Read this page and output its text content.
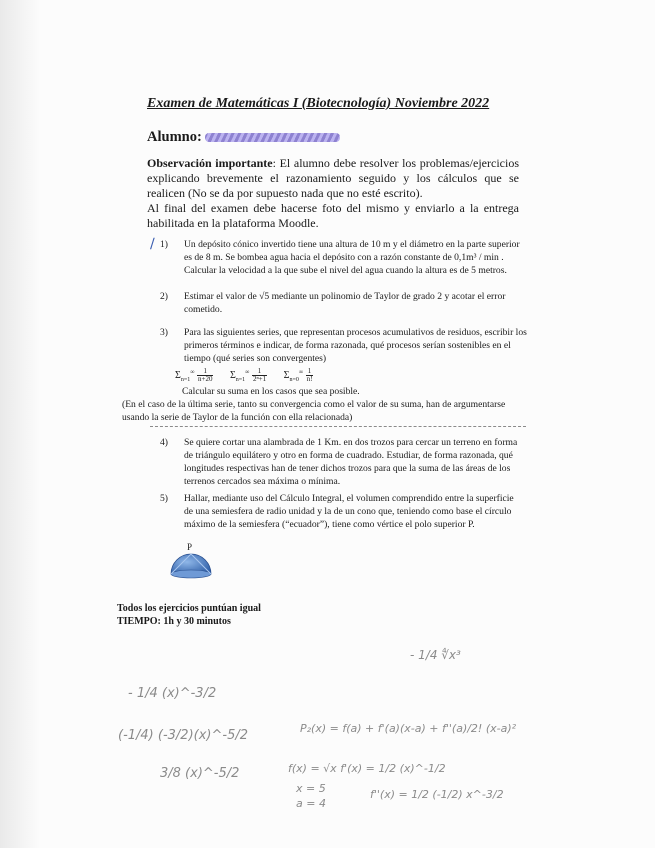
Examen de Matemáticas I (Biotecnología) Noviembre 2022
Alumno:
Observación importante: El alumno debe resolver los problemas/ejercicios explicando brevemente el razonamiento seguido y los cálculos que se realicen (No se da por supuesto nada que no esté escrito).
Al final del examen debe hacerse foto del mismo y enviarlo a la entrega habilitada en la plataforma Moodle.
∕ 1)	Un depósito cónico invertido tiene una altura de 10 m y el diámetro en la parte superior es de 8 m. Se bombea agua hacia el depósito con a razón constante de 0,1m³ / min . Calcular la velocidad a la que sube el nivel del agua cuando la altura es de 5 metros.
2)	Estimar el valor de √5 mediante un polinomio de Taylor de grado 2 y acotar el error cometido.
3)	Para las siguientes series, que representan procesos acumulativos de residuos, escribir los primeros términos e indicar, de forma razonada, qué procesos serían sostenibles en el tiempo (qué series son convergentes)
$\Sigma_{n=1}^\infty \frac{1}{n+20} \Sigma_{n=1}^\infty \frac{1}{\text{2ⁿ+1}} \Sigma_{n=0}^\infty \frac{1}{n!}$
Calcular su suma en los casos que sea posible.
(En el caso de la última serie, tanto su convergencia como el valor de su suma, han de argumentarse usando la serie de Taylor de la función con ella relacionada)
4)	Se quiere cortar una alambrada de 1 Km. en dos trozos para cercar un terreno en forma de triángulo equilátero y otro en forma de cuadrado. Estudiar, de forma razonada, qué longitudes respectivas han de tener dichos trozos para que la suma de las áreas de los terrenos cercados sea máxima o mínima.
5)	Hallar, mediante uso del Cálculo Integral, el volumen comprendido entre la superficie de una semiesfera de radio unidad y la de un cono que, teniendo como base el círculo máximo de la semiesfera (“ecuador”), tiene como vértice el polo superior P.
P
Todos los ejercicios puntúan igual
TIEMPO: 1h y 30 minutos
- 1/4 ∜x³
- 1/4 (x)^-3/2
(-1/4) (-3/2)(x)^-5/2
3/8 (x)^-5/2
P₂(x) = f(a) + f'(a)(x-a) + f''(a)/2! (x-a)²
f(x) = √x f'(x) = 1/2 (x)^-1/2
x = 5
a = 4
f''(x) = 1/2 (-1/2) x^-3/2
